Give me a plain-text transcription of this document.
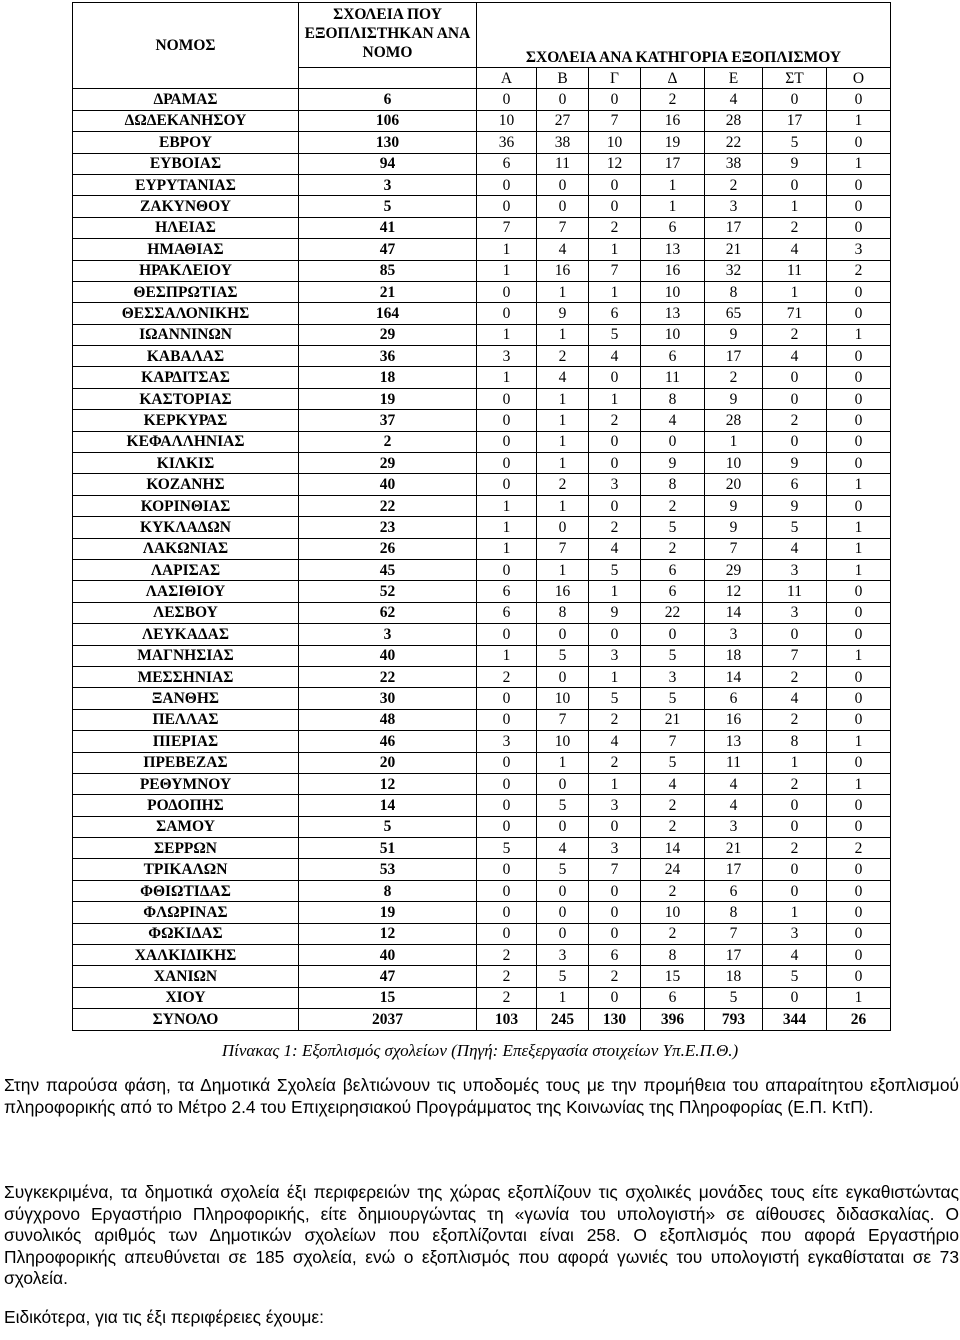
ΝΟΜΟΣ	ΣΧΟΛΕΙΑ ΠΟΥ ΕΞΟΠΛΙΣΤΗΚΑΝ ΑΝΑ ΝΟΜΟ	ΣΧΟΛΕΙΑ ΑΝΑ ΚΑΤΗΓΟΡΙΑ ΕΞΟΠΛΙΣΜΟΥ						
		Α	Β	Γ	Δ	Ε	ΣΤ	Ο
ΔΡΑΜΑΣ	6	0	0	0	2	4	0	0
ΔΩΔΕΚΑΝΗΣΟΥ	106	10	27	7	16	28	17	1
ΕΒΡΟΥ	130	36	38	10	19	22	5	0
ΕΥΒΟΙΑΣ	94	6	11	12	17	38	9	1
ΕΥΡΥΤΑΝΙΑΣ	3	0	0	0	1	2	0	0
ΖΑΚΥΝΘΟΥ	5	0	0	0	1	3	1	0
ΗΛΕΙΑΣ	41	7	7	2	6	17	2	0
ΗΜΑΘΙΑΣ	47	1	4	1	13	21	4	3
ΗΡΑΚΛΕΙΟΥ	85	1	16	7	16	32	11	2
ΘΕΣΠΡΩΤΙΑΣ	21	0	1	1	10	8	1	0
ΘΕΣΣΑΛΟΝΙΚΗΣ	164	0	9	6	13	65	71	0
ΙΩΑΝΝΙΝΩΝ	29	1	1	5	10	9	2	1
ΚΑΒΑΛΑΣ	36	3	2	4	6	17	4	0
ΚΑΡΔΙΤΣΑΣ	18	1	4	0	11	2	0	0
ΚΑΣΤΟΡΙΑΣ	19	0	1	1	8	9	0	0
ΚΕΡΚΥΡΑΣ	37	0	1	2	4	28	2	0
ΚΕΦΑΛΛΗΝΙΑΣ	2	0	1	0	0	1	0	0
ΚΙΛΚΙΣ	29	0	1	0	9	10	9	0
ΚΟΖΑΝΗΣ	40	0	2	3	8	20	6	1
ΚΟΡΙΝΘΙΑΣ	22	1	1	0	2	9	9	0
ΚΥΚΛΑΔΩΝ	23	1	0	2	5	9	5	1
ΛΑΚΩΝΙΑΣ	26	1	7	4	2	7	4	1
ΛΑΡΙΣΑΣ	45	0	1	5	6	29	3	1
ΛΑΣΙΘΙΟΥ	52	6	16	1	6	12	11	0
ΛΕΣΒΟΥ	62	6	8	9	22	14	3	0
ΛΕΥΚΑΔΑΣ	3	0	0	0	0	3	0	0
ΜΑΓΝΗΣΙΑΣ	40	1	5	3	5	18	7	1
ΜΕΣΣΗΝΙΑΣ	22	2	0	1	3	14	2	0
ΞΑΝΘΗΣ	30	0	10	5	5	6	4	0
ΠΕΛΛΑΣ	48	0	7	2	21	16	2	0
ΠΙΕΡΙΑΣ	46	3	10	4	7	13	8	1
ΠΡΕΒΕΖΑΣ	20	0	1	2	5	11	1	0
ΡΕΘΥΜΝΟΥ	12	0	0	1	4	4	2	1
ΡΟΔΟΠΗΣ	14	0	5	3	2	4	0	0
ΣΑΜΟΥ	5	0	0	0	2	3	0	0
ΣΕΡΡΩΝ	51	5	4	3	14	21	2	2
ΤΡΙΚΑΛΩΝ	53	0	5	7	24	17	0	0
ΦΘΙΩΤΙΔΑΣ	8	0	0	0	2	6	0	0
ΦΛΩΡΙΝΑΣ	19	0	0	0	10	8	1	0
ΦΩΚΙΔΑΣ	12	0	0	0	2	7	3	0
ΧΑΛΚΙΔΙΚΗΣ	40	2	3	6	8	17	4	0
ΧΑΝΙΩΝ	47	2	5	2	15	18	5	0
ΧΙΟΥ	15	2	1	0	6	5	0	1
ΣΥΝΟΛΟ	2037	103	245	130	396	793	344	26
Πίνακας 1: Εξοπλισμός σχολείων (Πηγή: Επεξεργασία στοιχείων Υπ.Ε.Π.Θ.)

Στην παρούσα φάση, τα Δημοτικά Σχολεία βελτιώνουν τις υποδομές τους με την προμήθεια του απαραίτητου εξοπλισμού πληροφορικής από το Μέτρο 2.4 του Επιχειρησιακού Προγράμματος της Κοινωνίας της Πληροφορίας (Ε.Π. ΚτΠ).

Συγκεκριμένα, τα δημοτικά σχολεία έξι περιφερειών της χώρας εξοπλίζουν τις σχολικές μονάδες τους είτε εγκαθιστώντας σύγχρονο Εργαστήριο Πληροφορικής, είτε δημιουργώντας τη «γωνία του υπολογιστή» σε αίθουσες διδασκαλίας. Ο συνολικός αριθμός των Δημοτικών σχολείων που εξοπλίζονται είναι 258. Ο εξοπλισμός που αφορά Εργαστήριο Πληροφορικής απευθύνεται σε 185 σχολεία, ενώ ο εξοπλισμός που αφορά γωνιές του υπολογιστή εγκαθίσταται σε 73 σχολεία.

Ειδικότερα, για τις έξι περιφέρειες έχουμε:
